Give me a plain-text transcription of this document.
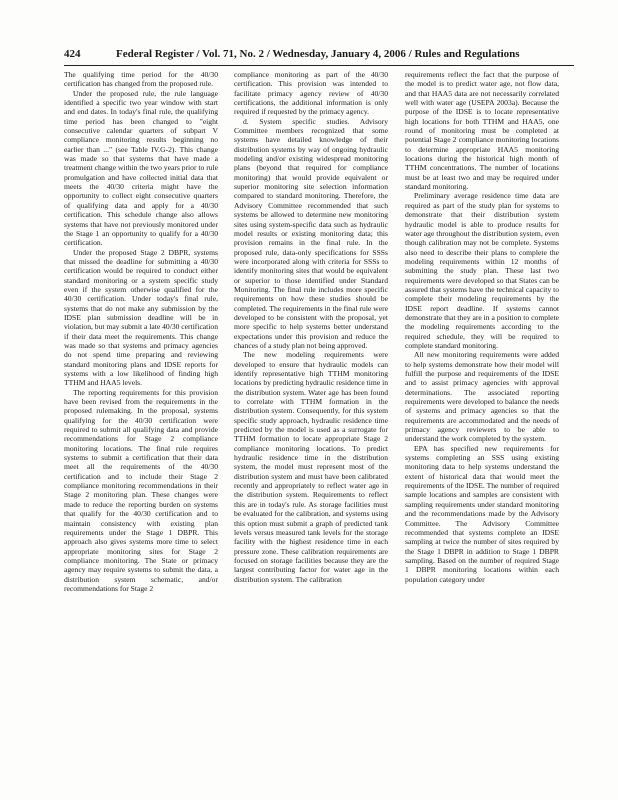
424	Federal Register / Vol. 71, No. 2 / Wednesday, January 4, 2006 / Rules and Regulations

The qualifying time period for the 40/30 certification has changed from the proposed rule.

Under the proposed rule, the rule language identified a specific two year window with start and end dates. In today's final rule, the qualifying time period has been changed to "eight consecutive calendar quarters of subpart V compliance monitoring results beginning no earlier than ..." (see Table IV.G-2). This change was made so that systems that have made a treatment change within the two years prior to rule promulgation and have collected initial data that meets the 40/30 criteria might have the opportunity to collect eight consecutive quarters of qualifying data and apply for a 40/30 certification. This schedule change also allows systems that have not previously monitored under the Stage 1 an opportunity to qualify for a 40/30 certification.

Under the proposed Stage 2 DBPR, systems that missed the deadline for submitting a 40/30 certification would be required to conduct either standard monitoring or a system specific study even if the system otherwise qualified for the 40/30 certification. Under today's final rule, systems that do not make any submission by the IDSE plan submission deadline will be in violation, but may submit a late 40/30 certification if their data meet the requirements. This change was made so that systems and primacy agencies do not spend time preparing and reviewing standard monitoring plans and IDSE reports for systems with a low likelihood of finding high TTHM and HAA5 levels.

The reporting requirements for this provision have been revised from the requirements in the proposed rulemaking. In the proposal, systems qualifying for the 40/30 certification were required to submit all qualifying data and provide recommendations for Stage 2 compliance monitoring locations. The final rule requires systems to submit a certification that their data meet all the requirements of the 40/30 certification and to include their Stage 2 compliance monitoring recommendations in their Stage 2 monitoring plan. These changes were made to reduce the reporting burden on systems that qualify for the 40/30 certification and to maintain consistency with existing plan requirements under the Stage 1 DBPR. This approach also gives systems more time to select appropriate monitoring sites for Stage 2 compliance monitoring. The State or primacy agency may require systems to submit the data, a distribution system schematic, and/or recommendations for Stage 2

compliance monitoring as part of the 40/30 certification. This provision was intended to facilitate primacy agency review of 40/30 certifications, the additional information is only required if requested by the primacy agency.

d. System specific studies. Advisory Committee members recognized that some systems have detailed knowledge of their distribution systems by way of ongoing hydraulic modeling and/or existing widespread monitoring plans (beyond that required for compliance monitoring) that would provide equivalent or superior monitoring site selection information compared to standard monitoring. Therefore, the Advisory Committee recommended that such systems be allowed to determine new monitoring sites using system-specific data such as hydraulic model results or existing monitoring data; this provision remains in the final rule. In the proposed rule, data-only specifications for SSSs were incorporated along with criteria for SSSs to identify monitoring sites that would be equivalent or superior to those identified under Standard Monitoring. The final rule includes more specific requirements on how these studies should be completed. The requirements in the final rule were developed to be consistent with the proposal, yet more specific to help systems better understand expectations under this provision and reduce the chances of a study plan not being approved.

The new modeling requirements were developed to ensure that hydraulic models can identify representative high TTHM monitoring locations by predicting hydraulic residence time in the distribution system. Water age has been found to correlate with TTHM formation in the distribution system. Consequently, for this system specific study approach, hydraulic residence time predicted by the model is used as a surrogate for TTHM formation to locate appropriate Stage 2 compliance monitoring locations. To predict hydraulic residence time in the distribution system, the model must represent most of the distribution system and must have been calibrated recently and appropriately to reflect water age in the distribution system. Requirements to reflect this are in today's rule. As storage facilities must be evaluated for the calibration, and systems using this option must submit a graph of predicted tank levels versus measured tank levels for the storage facility with the highest residence time in each pressure zone. These calibration requirements are focused on storage facilities because they are the largest contributing factor for water age in the distribution system. The calibration

requirements reflect the fact that the purpose of the model is to predict water age, not flow data, and that HAA5 data are not necessarily correlated well with water age (USEPA 2003a). Because the purpose of the IDSE is to locate representative high locations for both TTHM and HAA5, one round of monitoring must be completed at potential Stage 2 compliance monitoring locations to determine appropriate HAA5 monitoring locations during the historical high month of TTHM concentrations. The number of locations must be at least two and may be required under standard monitoring.

Preliminary average residence time data are required as part of the study plan for systems to demonstrate that their distribution system hydraulic model is able to produce results for water age throughout the distribution system, even though calibration may not be complete. Systems also need to describe their plans to complete the modeling requirements within 12 months of submitting the study plan. These last two requirements were developed so that States can be assured that systems have the technical capacity to complete their modeling requirements by the IDSE report deadline. If systems cannot demonstrate that they are in a position to complete the modeling requirements according to the required schedule, they will be required to complete standard monitoring.

All new monitoring requirements were added to help systems demonstrate how their model will fulfill the purpose and requirements of the IDSE and to assist primacy agencies with approval determinations. The associated reporting requirements were developed to balance the needs of systems and primacy agencies so that the requirements are accommodated and the needs of primacy agency reviewers to be able to understand the work completed by the system.

EPA has specified new requirements for systems completing an SSS using existing monitoring data to help systems understand the extent of historical data that would meet the requirements of the IDSE. The number of required sample locations and samples are consistent with sampling requirements under standard monitoring and the recommendations made by the Advisory Committee. The Advisory Committee recommended that systems complete an IDSE sampling at twice the number of sites required by the Stage 1 DBPR in addition to Stage 1 DBPR sampling. Based on the number of required Stage 1 DBPR monitoring locations within each population category under
